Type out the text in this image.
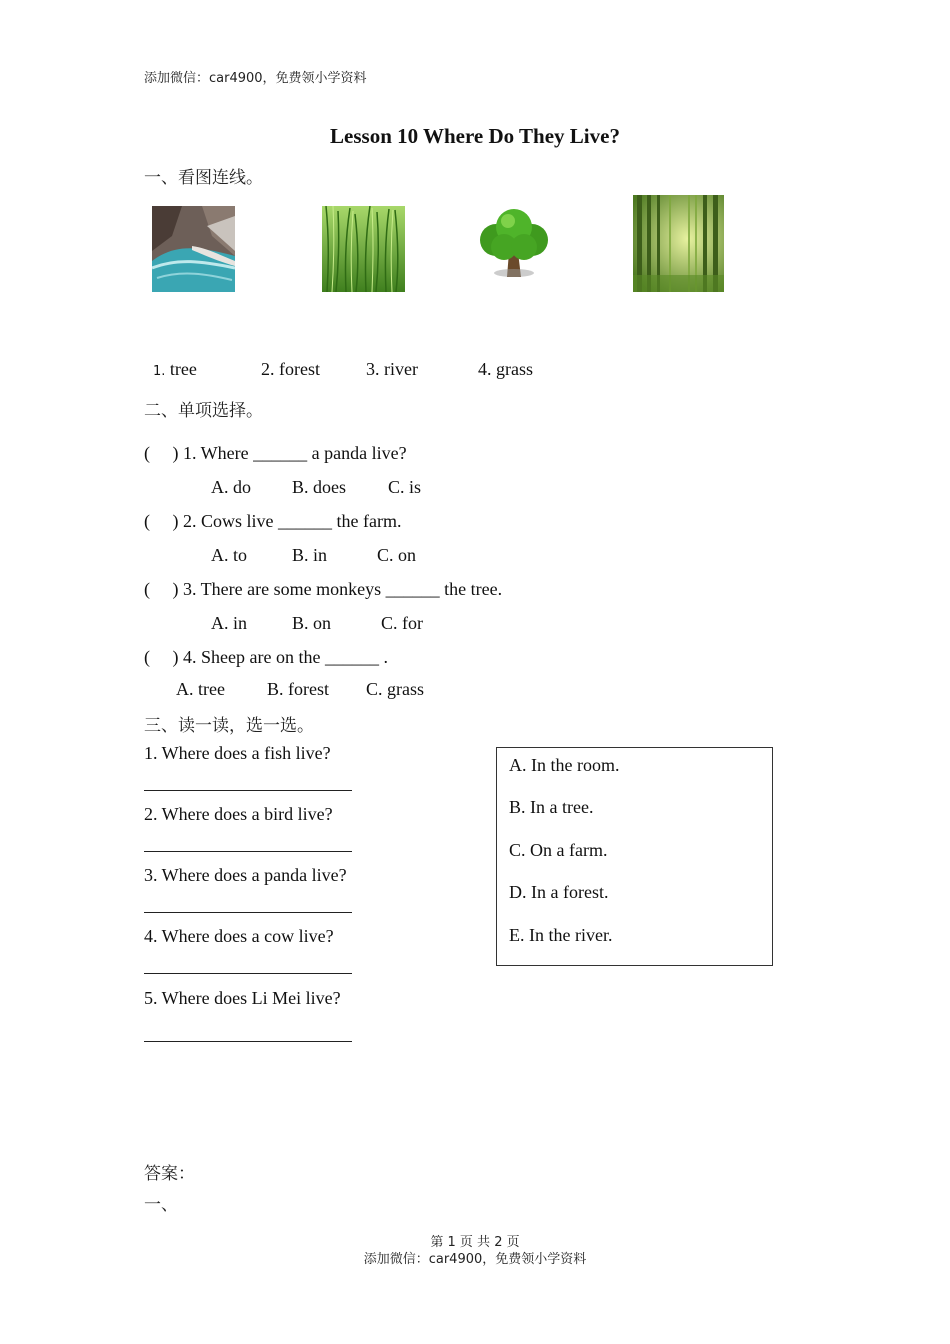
添加微信：car4900，免费领小学资料
Lesson 10 Where Do They Live?
一、看图连线。
1. tree	2. forest	3. river	4. grass
二、单项选择。
(     ) 1. Where ______ a panda live?
A. do B. does C. is
(     ) 2. Cows live ______ the farm.
A. to	B. in	C. on
(     ) 3. There are some monkeys ______ the tree.
A. in	B. on	C. for
(     ) 4. Sheep are on the ______ .
A. tree B. forest C. grass
三、读一读，选一选。
1. Where does a fish live?
2. Where does a bird live?
3. Where does a panda live?
4. Where does a cow live?
5. Where does Li Mei live?
A. In the room.
B. In a tree.
C. On a farm.
D. In a forest.
E. In the river.
答案：
一、
第 1 页 共 2 页
添加微信：car4900，免费领小学资料
